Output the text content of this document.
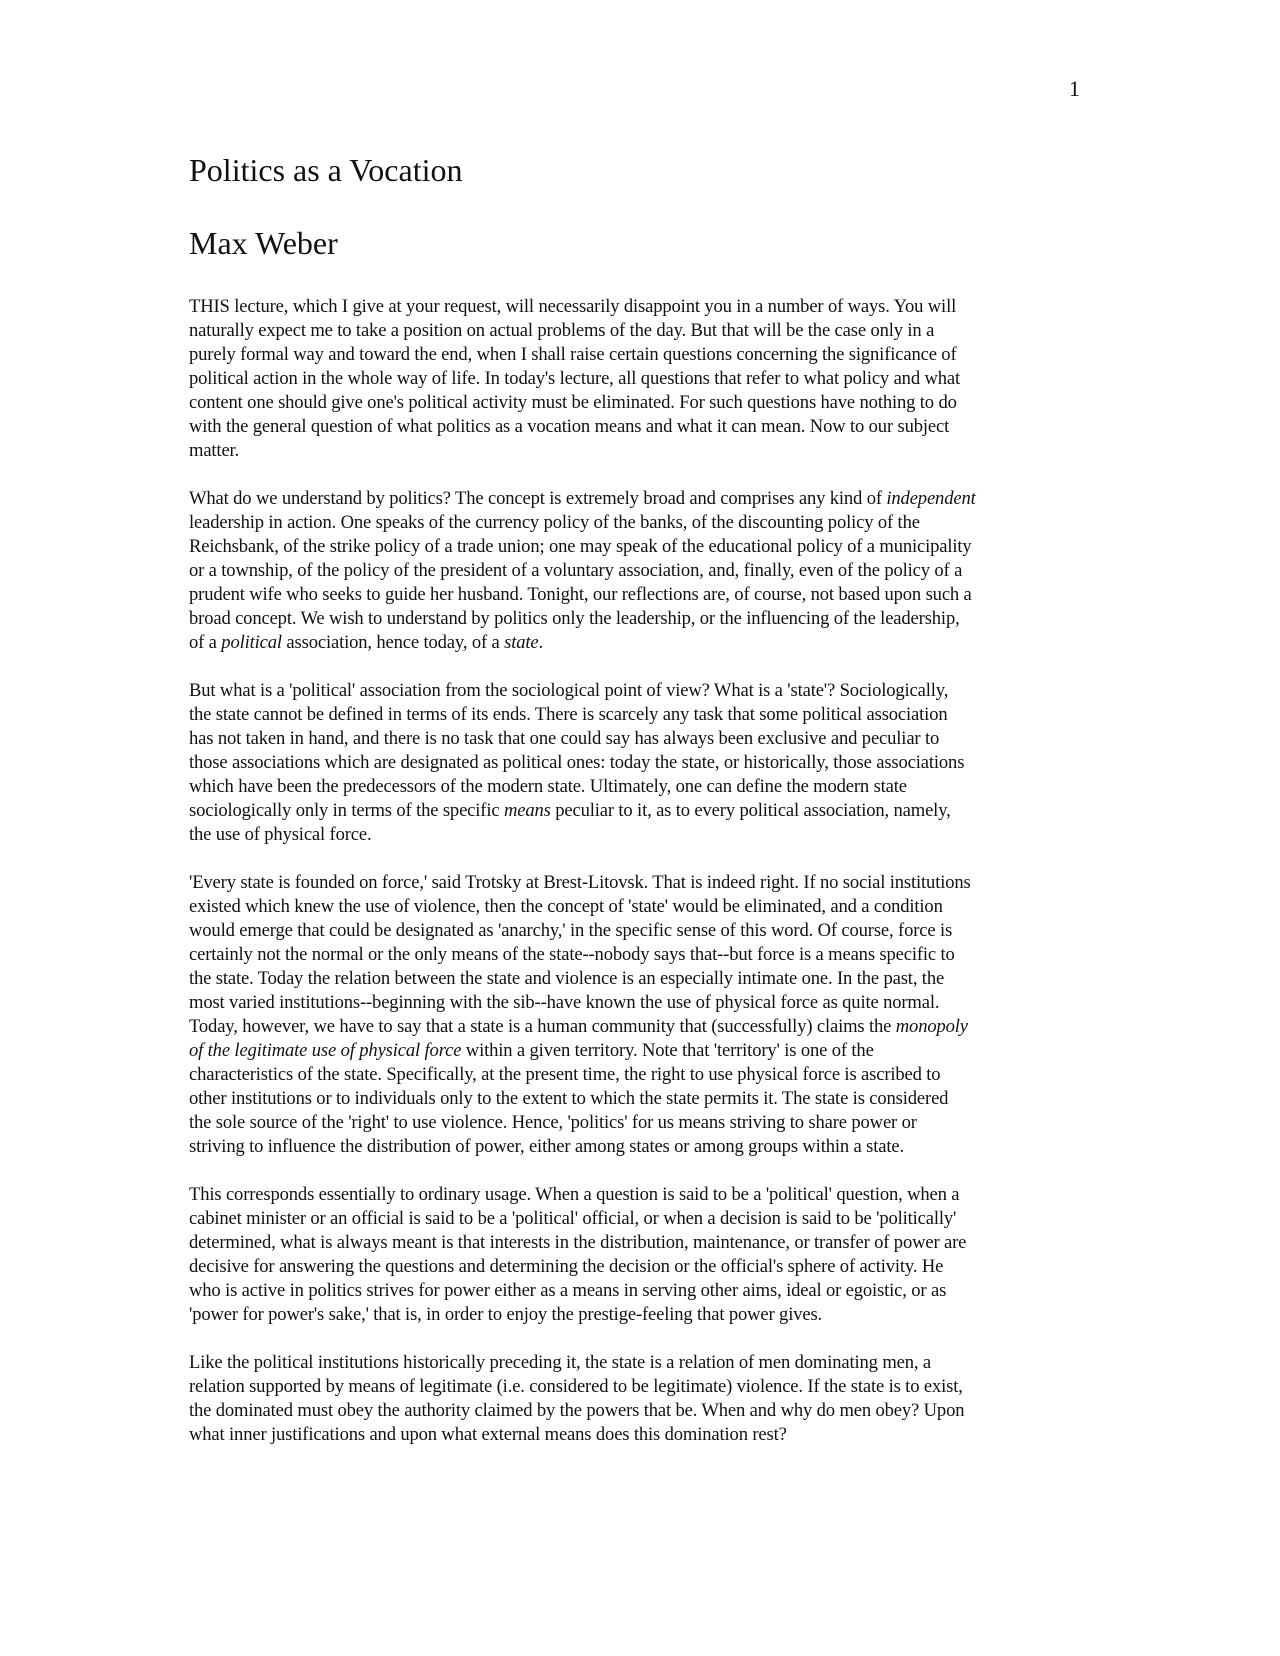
1
Politics as a Vocation
Max Weber

THIS lecture, which I give at your request, will necessarily disappoint you in a number of ways. You will
naturally expect me to take a position on actual problems of the day. But that will be the case only in a
purely formal way and toward the end, when I shall raise certain questions concerning the significance of
political action in the whole way of life. In today's lecture, all questions that refer to what policy and what
content one should give one's political activity must be eliminated. For such questions have nothing to do
with the general question of what politics as a vocation means and what it can mean. Now to our subject
matter.

What do we understand by politics? The concept is extremely broad and comprises any kind of independent
leadership in action. One speaks of the currency policy of the banks, of the discounting policy of the
Reichsbank, of the strike policy of a trade union; one may speak of the educational policy of a municipality
or a township, of the policy of the president of a voluntary association, and, finally, even of the policy of a
prudent wife who seeks to guide her husband. Tonight, our reflections are, of course, not based upon such a
broad concept. We wish to understand by politics only the leadership, or the influencing of the leadership,
of a political association, hence today, of a state.

But what is a 'political' association from the sociological point of view? What is a 'state'? Sociologically,
the state cannot be defined in terms of its ends. There is scarcely any task that some political association
has not taken in hand, and there is no task that one could say has always been exclusive and peculiar to
those associations which are designated as political ones: today the state, or historically, those associations
which have been the predecessors of the modern state. Ultimately, one can define the modern state
sociologically only in terms of the specific means peculiar to it, as to every political association, namely,
the use of physical force.

'Every state is founded on force,' said Trotsky at Brest-Litovsk. That is indeed right. If no social institutions
existed which knew the use of violence, then the concept of 'state' would be eliminated, and a condition
would emerge that could be designated as 'anarchy,' in the specific sense of this word. Of course, force is
certainly not the normal or the only means of the state--nobody says that--but force is a means specific to
the state. Today the relation between the state and violence is an especially intimate one. In the past, the
most varied institutions--beginning with the sib--have known the use of physical force as quite normal.
Today, however, we have to say that a state is a human community that (successfully) claims the monopoly
of the legitimate use of physical force within a given territory. Note that 'territory' is one of the
characteristics of the state. Specifically, at the present time, the right to use physical force is ascribed to
other institutions or to individuals only to the extent to which the state permits it. The state is considered
the sole source of the 'right' to use violence. Hence, 'politics' for us means striving to share power or
striving to influence the distribution of power, either among states or among groups within a state.

This corresponds essentially to ordinary usage. When a question is said to be a 'political' question, when a
cabinet minister or an official is said to be a 'political' official, or when a decision is said to be 'politically'
determined, what is always meant is that interests in the distribution, maintenance, or transfer of power are
decisive for answering the questions and determining the decision or the official's sphere of activity. He
who is active in politics strives for power either as a means in serving other aims, ideal or egoistic, or as
'power for power's sake,' that is, in order to enjoy the prestige-feeling that power gives.

Like the political institutions historically preceding it, the state is a relation of men dominating men, a
relation supported by means of legitimate (i.e. considered to be legitimate) violence. If the state is to exist,
the dominated must obey the authority claimed by the powers that be. When and why do men obey? Upon
what inner justifications and upon what external means does this domination rest?
